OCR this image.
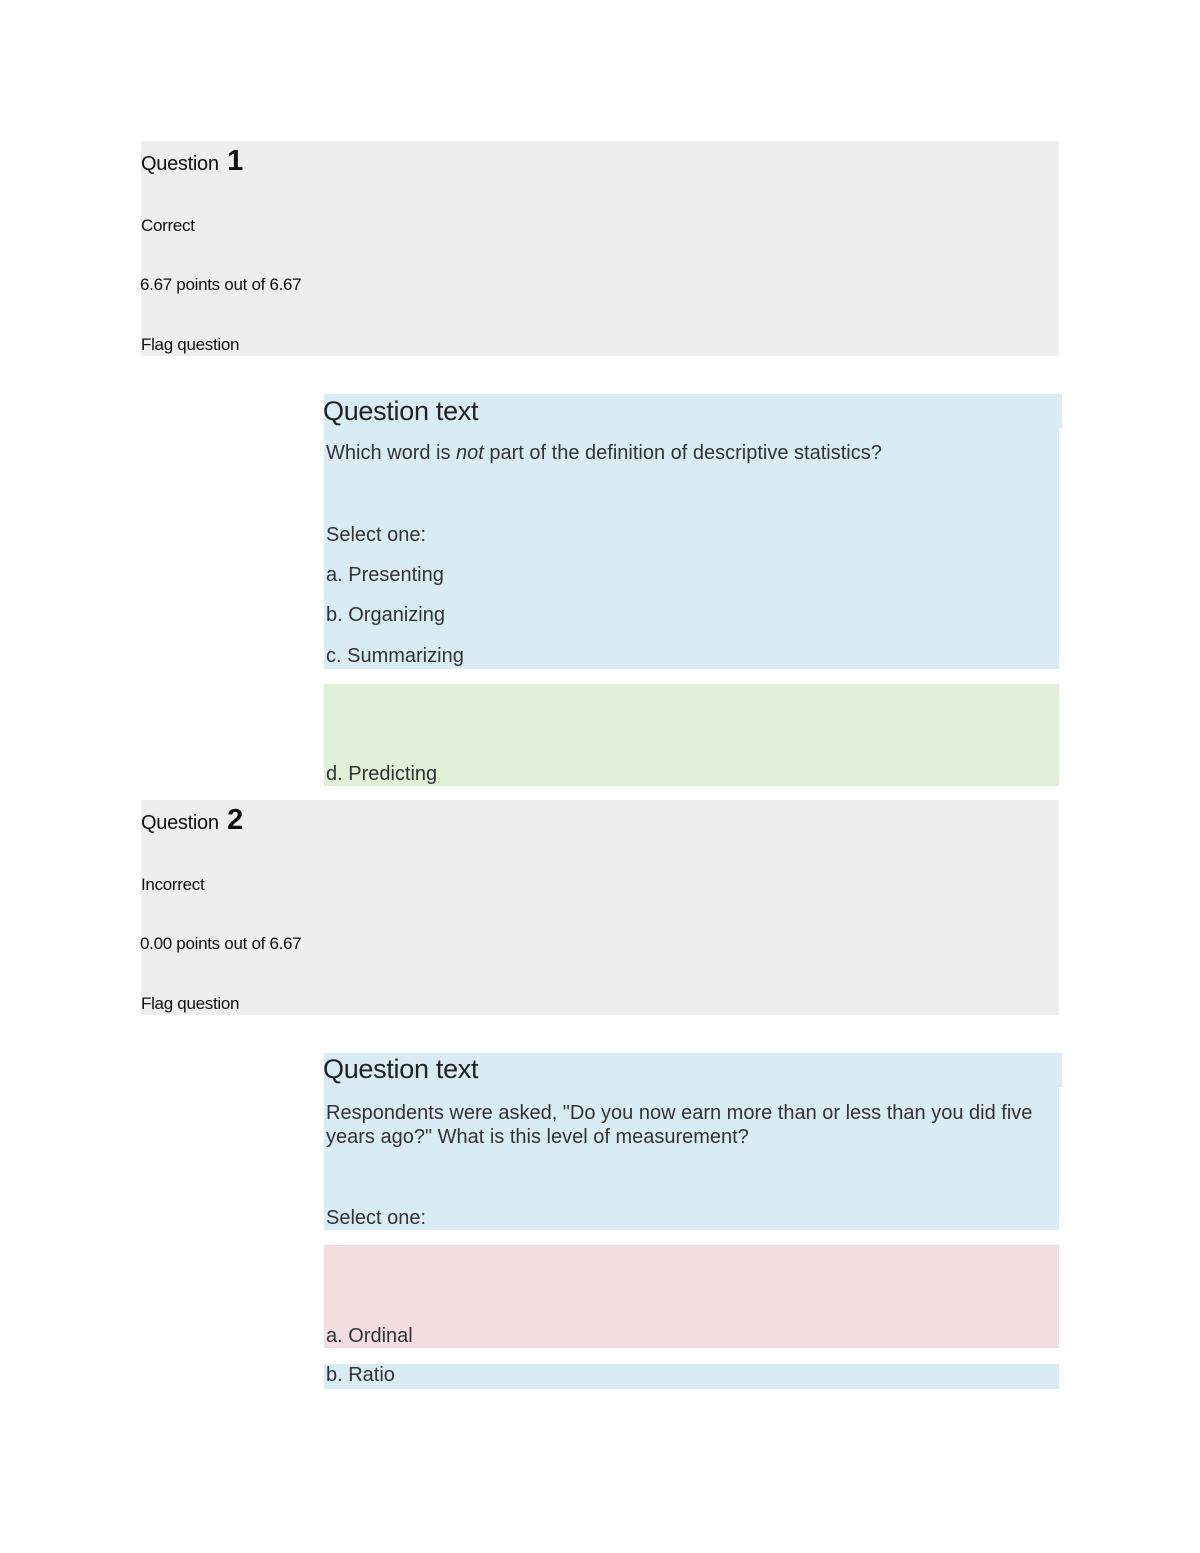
Question 1
Correct
6.67 points out of 6.67
Flag question
Question text
Which word is not part of the definition of descriptive statistics?
Select one:
a. Presenting
b. Organizing
c. Summarizing
d. Predicting
Question 2
Incorrect
0.00 points out of 6.67
Flag question
Question text
Respondents were asked, "Do you now earn more than or less than you did five years ago?" What is this level of measurement?
Select one:
a. Ordinal
b. Ratio
